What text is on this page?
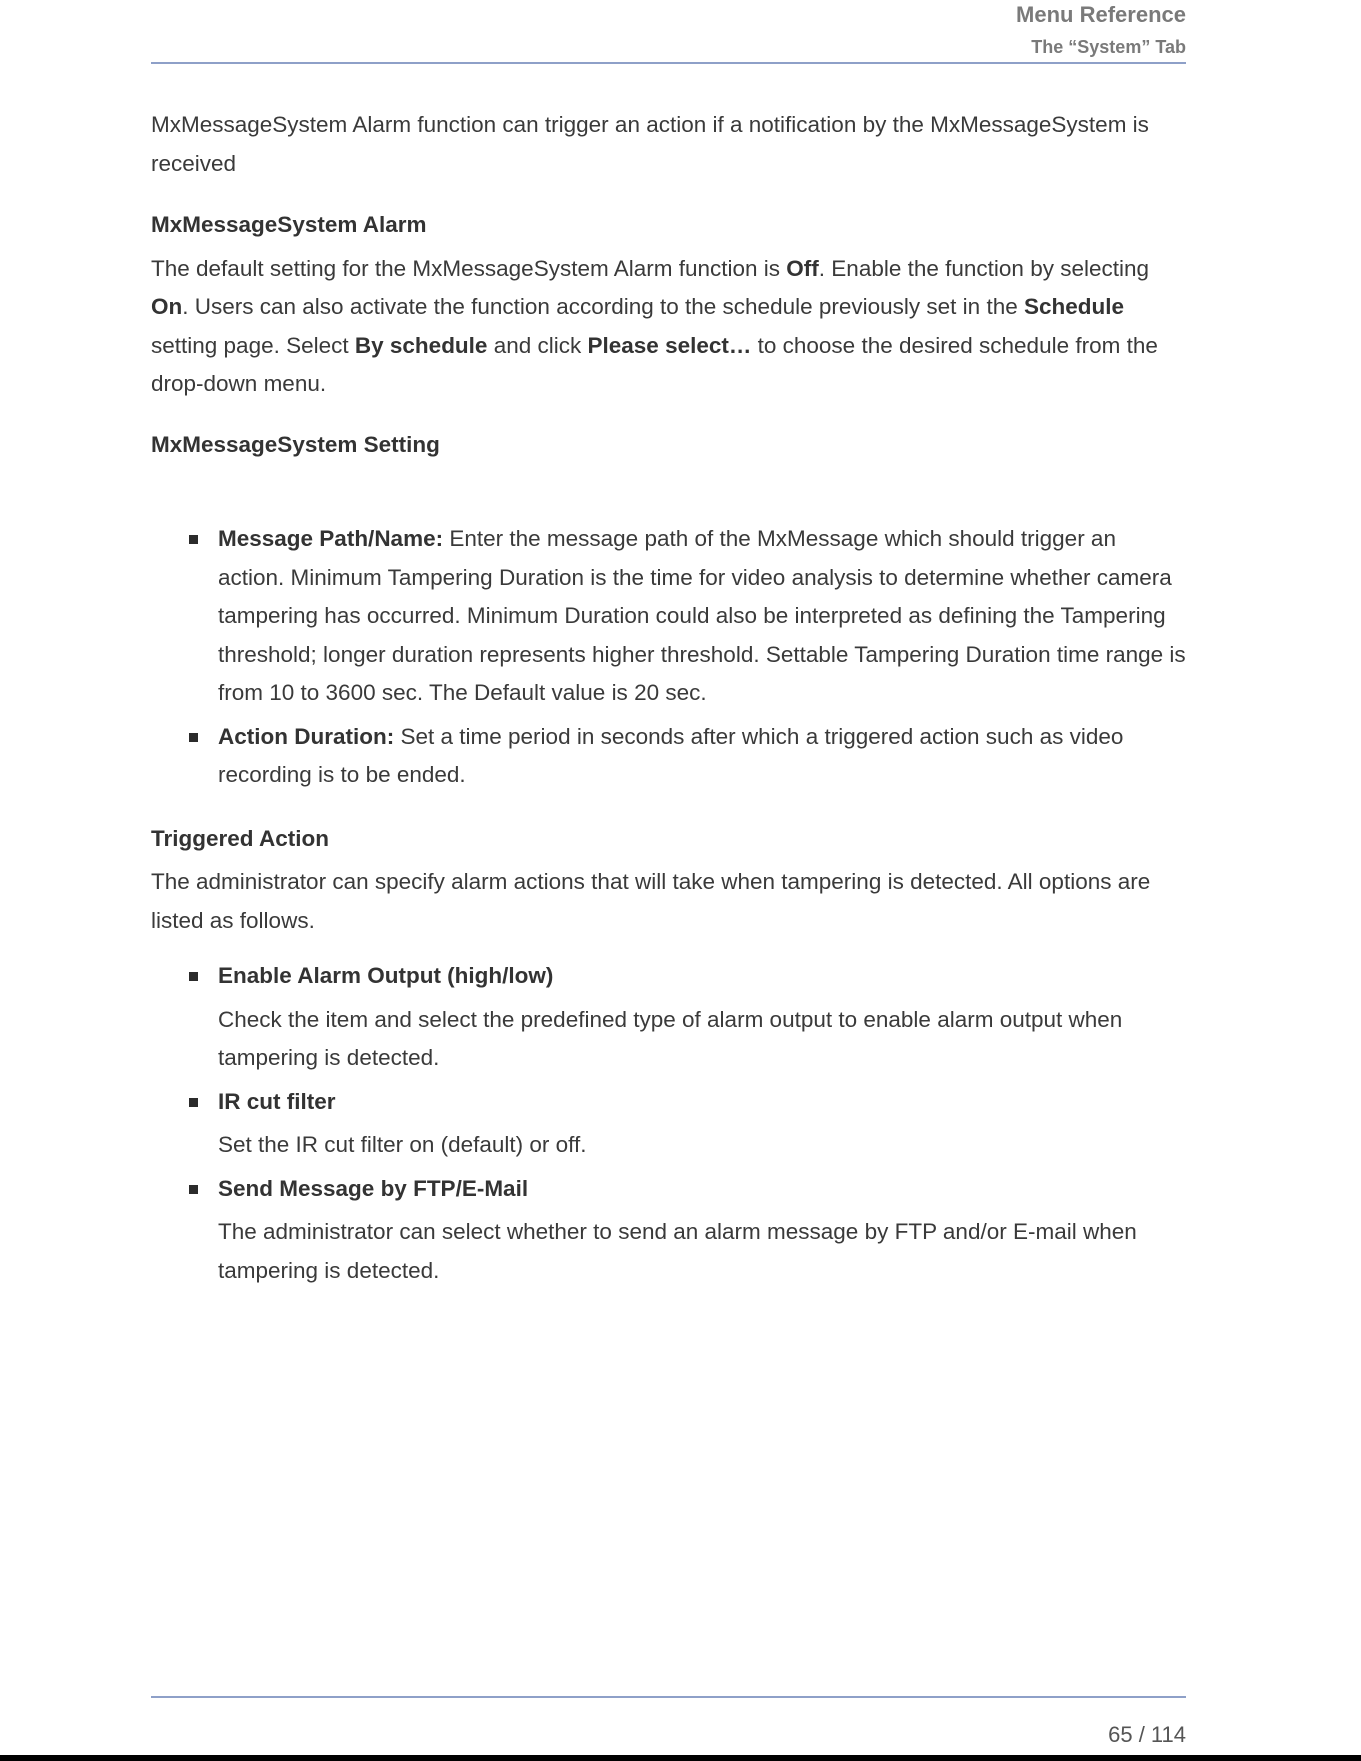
Menu Reference
The “System” Tab

MxMessageSystem Alarm function can trigger an action if a notification by the MxMessageSystem is received

MxMessageSystem Alarm

The default setting for the MxMessageSystem Alarm function is Off. Enable the function by selecting On. Users can also activate the function according to the schedule previously set in the Schedule setting page. Select By schedule and click Please select… to choose the desired schedule from the drop-down menu.

MxMessageSystem Setting

Message Path/Name: Enter the message path of the MxMessage which should trigger an action. Minimum Tampering Duration is the time for video analysis to determine whether camera tampering has occurred. Minimum Duration could also be interpreted as defining the Tampering threshold; longer duration represents higher threshold. Settable Tampering Duration time range is from 10 to 3600 sec. The Default value is 20 sec.
Action Duration: Set a time period in seconds after which a triggered action such as video recording is to be ended.

Triggered Action

The administrator can specify alarm actions that will take when tampering is detected. All options are listed as follows.

Enable Alarm Output (high/low)
Check the item and select the predefined type of alarm output to enable alarm output when tampering is detected.
IR cut filter
Set the IR cut filter on (default) or off.
Send Message by FTP/E-Mail
The administrator can select whether to send an alarm message by FTP and/or E-mail when tampering is detected.
65 / 114
